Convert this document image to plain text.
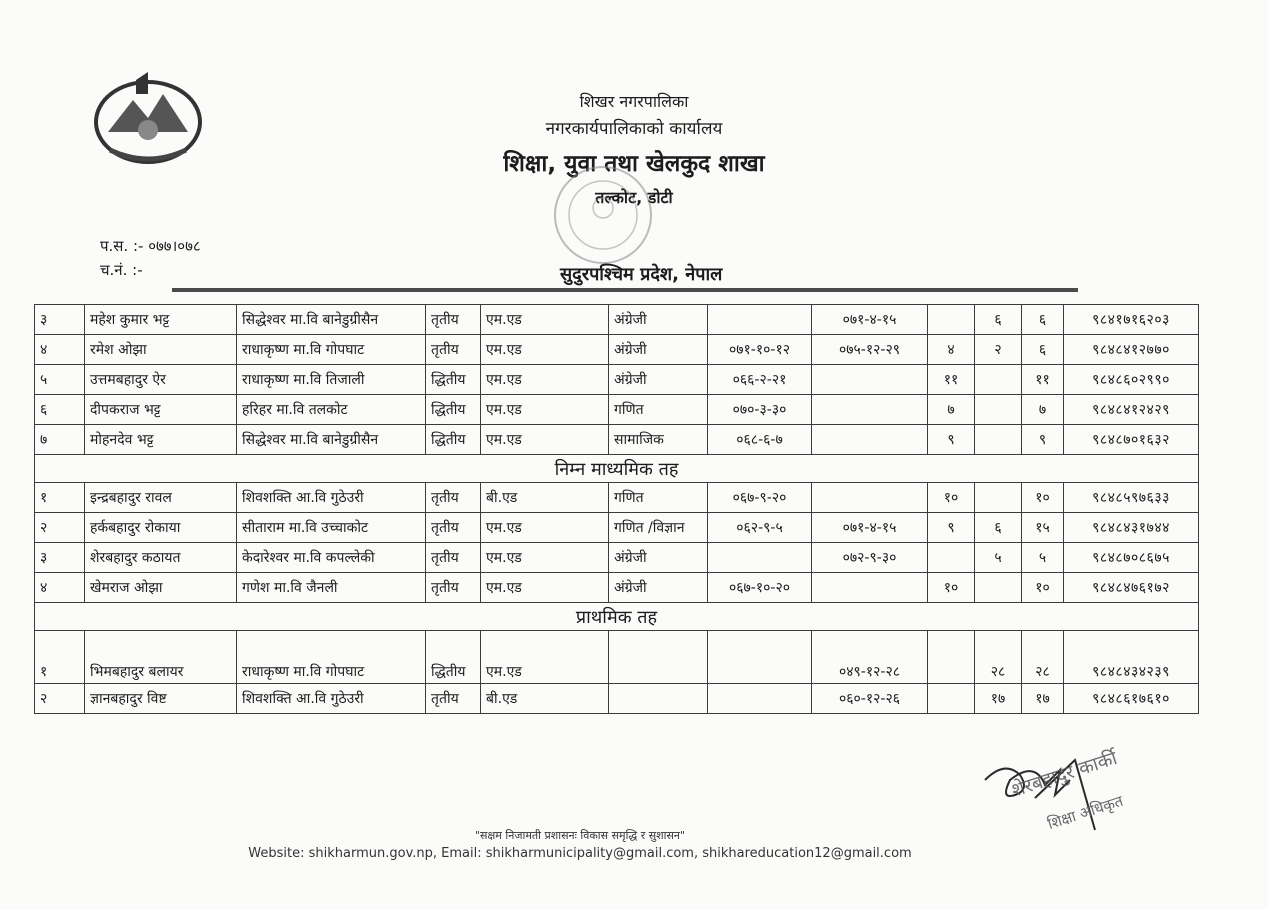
शिखर नगरपालिका
नगरकार्यपालिकाको कार्यालय
शिक्षा, युवा तथा खेलकुद शाखा
तल्कोट, डोटी
प.स. :- ०७७।०७८
च.नं. :-	सुदुरपश्चिम प्रदेश, नेपाल
३	महेश कुमार भट्ट	सिद्धेश्वर मा.वि बानेडुग्रीसैन	तृतीय	एम.एड	अंग्रेजी		०७१-४-१५		६	६	९८४१७१६२०३
४	रमेश ओझा	राधाकृष्ण मा.वि गोपघाट	तृतीय	एम.एड	अंग्रेजी	०७१-१०-१२	०७५-१२-२९	४	२	६	९८४८४१२७७०
५	उत्तमबहादुर ऐर	राधाकृष्ण मा.वि तिजाली	द्धितीय	एम.एड	अंग्रेजी	०६६-२-२१		११		११	९८४८६०२९९०
६	दीपकराज भट्ट	हरिहर मा.वि तलकोट	द्धितीय	एम.एड	गणित	०७०-३-३०		७		७	९८४८४१२४२९
७	मोहनदेव भट्ट	सिद्धेश्वर मा.वि बानेडुग्रीसैन	द्धितीय	एम.एड	सामाजिक	०६८-६-७		९		९	९८४८७०१६३२
निम्न माध्यमिक तह											
१	इन्द्रबहादुर रावल	शिवशक्ति आ.वि गुठेउरी	तृतीय	बी.एड	गणित	०६७-९-२०		१०		१०	९८४८५९७६३३
२	हर्कबहादुर रोकाया	सीताराम मा.वि उच्चाकोट	तृतीय	एम.एड	गणित /विज्ञान	०६२-९-५	०७१-४-१५	९	६	१५	९८४८४३१७४४
३	शेरबहादुर कठायत	केदारेश्वर मा.वि कपल्लेकी	तृतीय	एम.एड	अंग्रेजी		०७२-९-३०		५	५	९८४८७०८६७५
४	खेमराज ओझा	गणेश मा.वि जैनली	तृतीय	एम.एड	अंग्रेजी	०६७-१०-२०		१०		१०	९८४८४७६१७२
प्राथमिक तह											
१	भिमबहादुर बलायर	राधाकृष्ण मा.वि गोपघाट	द्धितीय	एम.एड			०४९-१२-२८		२८	२८	९८४८४३४२३९
२	ज्ञानबहादुर विष्ट	शिवशक्ति आ.वि गुठेउरी	तृतीय	बी.एड			०६०-१२-२६		१७	१७	९८४८६१७६१०
शेरबहादुर कार्की
शिक्षा अधिकृत
"सक्षम निजामती प्रशासनः विकास समृद्धि र सुशासन"
Website: shikharmun.gov.np, Email: shikharmunicipality@gmail.com, shikhareducation12@gmail.com
